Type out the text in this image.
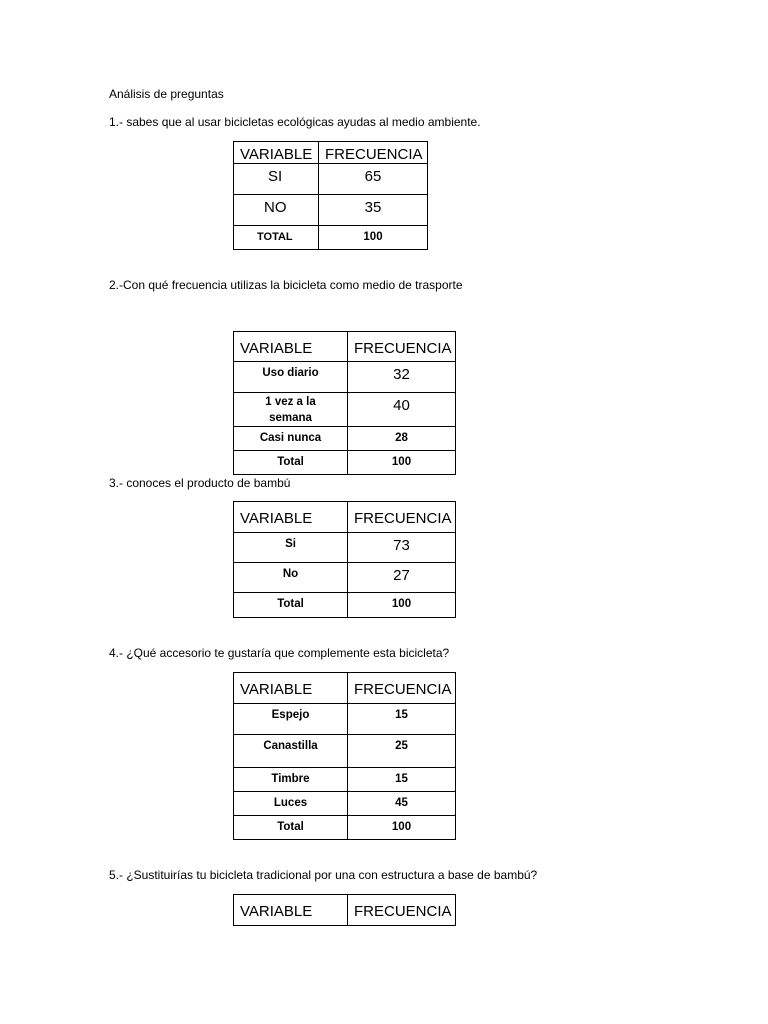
Análisis de preguntas

1.- sabes que al usar bicicletas ecológicas ayudas al medio ambiente.

VARIABLE	FRECUENCIA
SI	65
NO	35
TOTAL	100

2.-Con qué frecuencia utilizas la bicicleta como medio de trasporte

VARIABLE	FRECUENCIA
Uso diario	32
1 vez a la semana	40
Casi nunca	28
Total	100

3.- conoces el producto de bambú

VARIABLE	FRECUENCIA
Si	73
No	27
Total	100

4.- ¿Qué accesorio te gustaría que complemente esta bicicleta?

VARIABLE	FRECUENCIA
Espejo	15
Canastilla	25
Timbre	15
Luces	45
Total	100

5.- ¿Sustituirías tu bicicleta tradicional por una con estructura a base de bambú?

VARIABLE	FRECUENCIA
